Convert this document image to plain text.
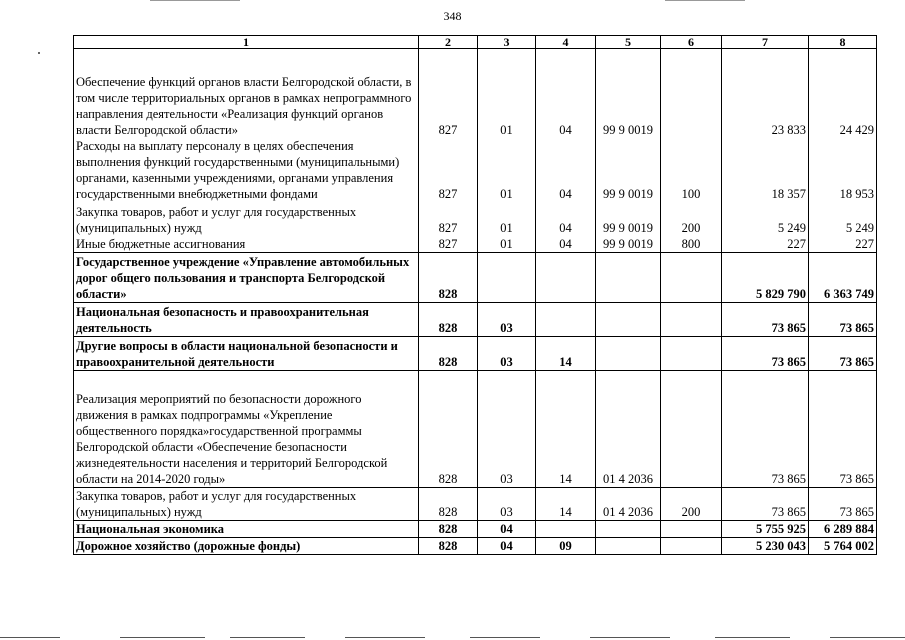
348
1	2	3	4	5	6	7	8
Обеспечение функций органов власти Белгородской области, в том числе территориальных органов в рамках непрограммного направления деятельности «Реализация функций органов власти Белгородской области»	827	01	04	99 9 0019		23 833	24 429
Расходы на выплату персоналу в целях обеспечения выполнения функций государственными (муниципальными) органами, казенными учреждениями, органами управления государственными внебюджетными фондами	827	01	04	99 9 0019	100	18 357	18 953
Закупка товаров, работ и услуг для государственных (муниципальных) нужд	827	01	04	99 9 0019	200	5 249	5 249
Иные бюджетные ассигнования	827	01	04	99 9 0019	800	227	227
Государственное учреждение «Управление автомобильных дорог общего пользования и транспорта Белгородской области»	828					5 829 790	6 363 749
Национальная безопасность и правоохранительная деятельность	828	03				73 865	73 865
Другие вопросы в области национальной безопасности и правоохранительной деятельности	828	03	14			73 865	73 865
Реализация мероприятий по безопасности дорожного движения в рамках подпрограммы «Укрепление общественного порядка»государственной программы Белгородской области «Обеспечение безопасности жизнедеятельности населения и территорий Белгородской области на 2014-2020 годы»	828	03	14	01 4 2036		73 865	73 865
Закупка товаров, работ и услуг для государственных (муниципальных) нужд	828	03	14	01 4 2036	200	73 865	73 865
Национальная экономика	828	04				5 755 925	6 289 884
Дорожное хозяйство (дорожные фонды)	828	04	09			5 230 043	5 764 002
